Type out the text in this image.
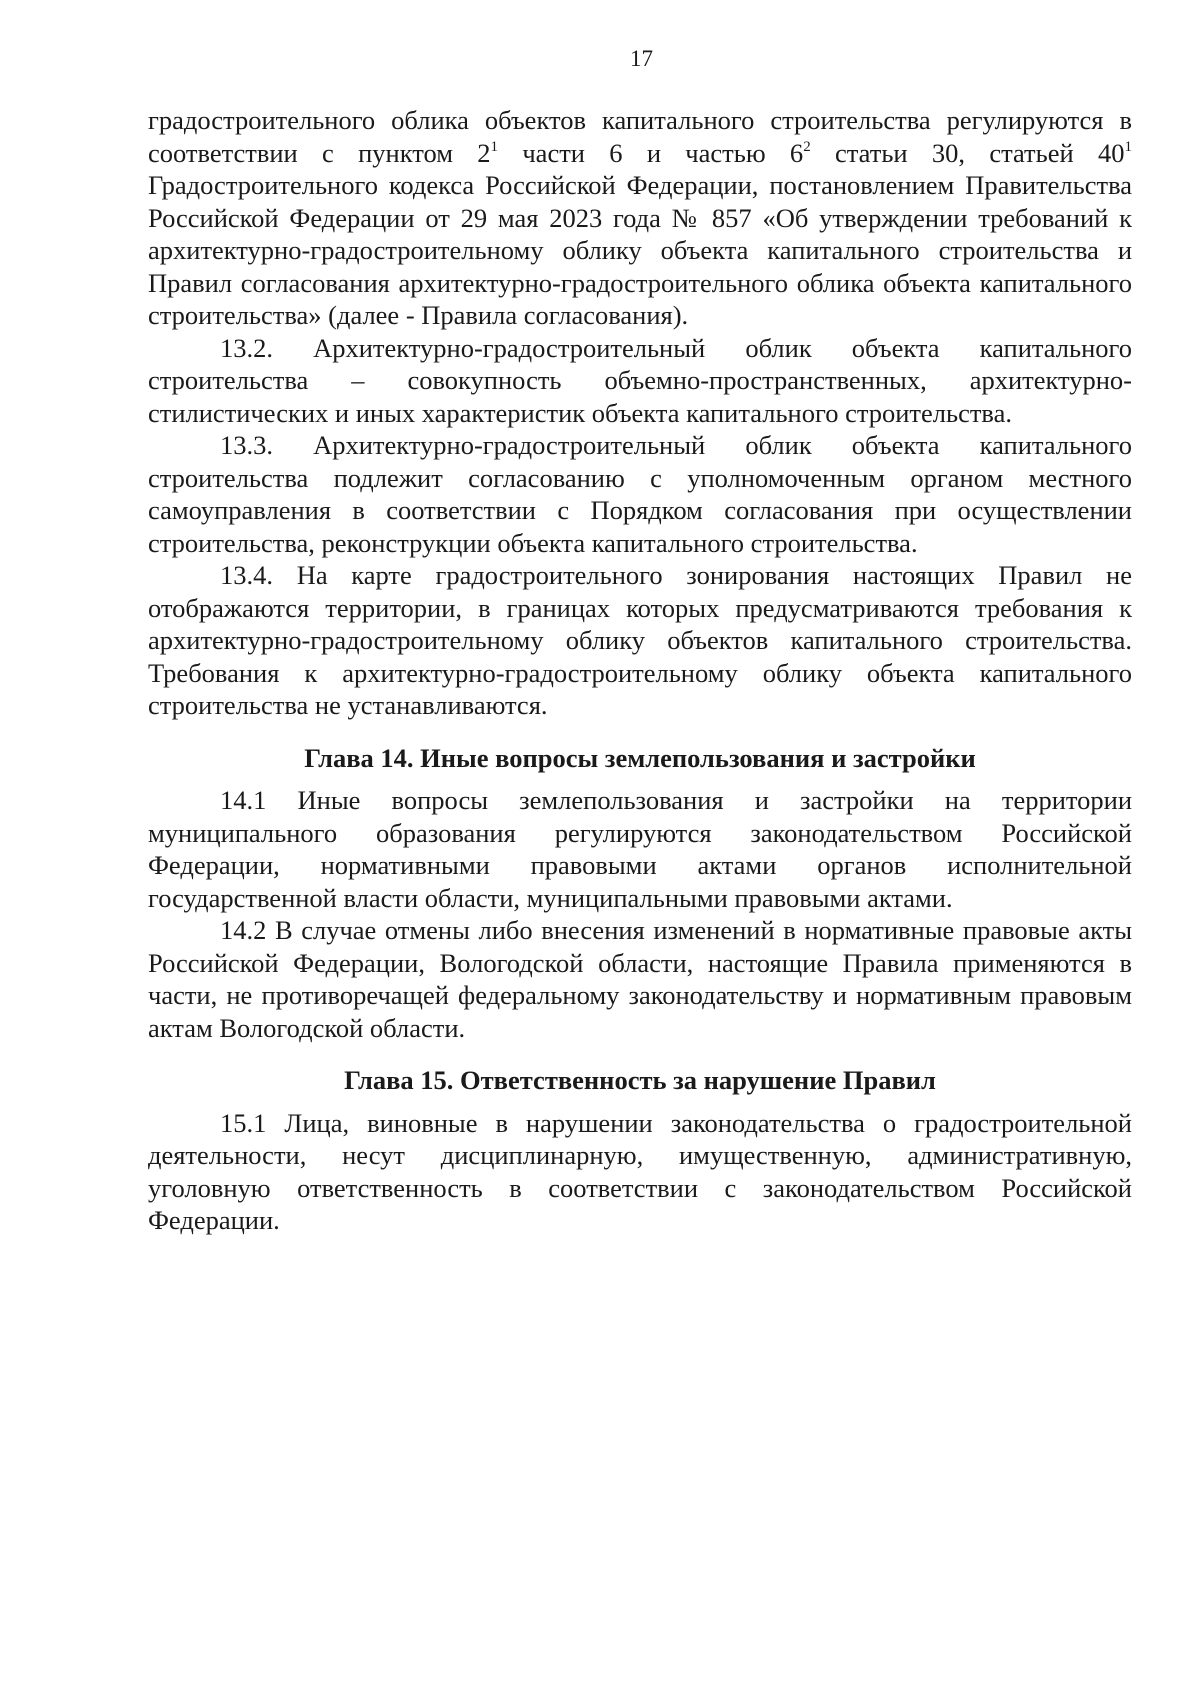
17

градостроительного облика объектов капитального строительства регулируются в соответствии с пунктом $2^1$ части 6 и частью $6^2$ статьи 30, статьей $40^1$ Градостроительного кодекса Российской Федерации, постановлением Правительства Российской Федерации от 29 мая 2023 года № 857 «Об утверждении требований к архитектурно-градостроительному облику объекта капитального строительства и Правил согласования архитектурно-градостроительного облика объекта капитального строительства» (далее - Правила согласования).

13.2. Архитектурно-градостроительный облик объекта капитального строительства – совокупность объемно-пространственных, архитектурно-стилистических и иных характеристик объекта капитального строительства.

13.3. Архитектурно-градостроительный облик объекта капитального строительства подлежит согласованию с уполномоченным органом местного самоуправления в соответствии с Порядком согласования при осуществлении строительства, реконструкции объекта капитального строительства.

13.4. На карте градостроительного зонирования настоящих Правил не отображаются территории, в границах которых предусматриваются требования к архитектурно-градостроительному облику объектов капитального строительства. Требования к архитектурно-градостроительному облику объекта капитального строительства не устанавливаются.

Глава 14. Иные вопросы землепользования и застройки

14.1 Иные вопросы землепользования и застройки на территории муниципального образования регулируются законодательством Российской Федерации, нормативными правовыми актами органов исполнительной государственной власти области, муниципальными правовыми актами.

14.2 В случае отмены либо внесения изменений в нормативные правовые акты Российской Федерации, Вологодской области, настоящие Правила применяются в части, не противоречащей федеральному законодательству и нормативным правовым актам Вологодской области.

Глава 15. Ответственность за нарушение Правил

15.1 Лица, виновные в нарушении законодательства о градостроительной деятельности, несут дисциплинарную, имущественную, административную, уголовную ответственность в соответствии с законодательством Российской Федерации.
